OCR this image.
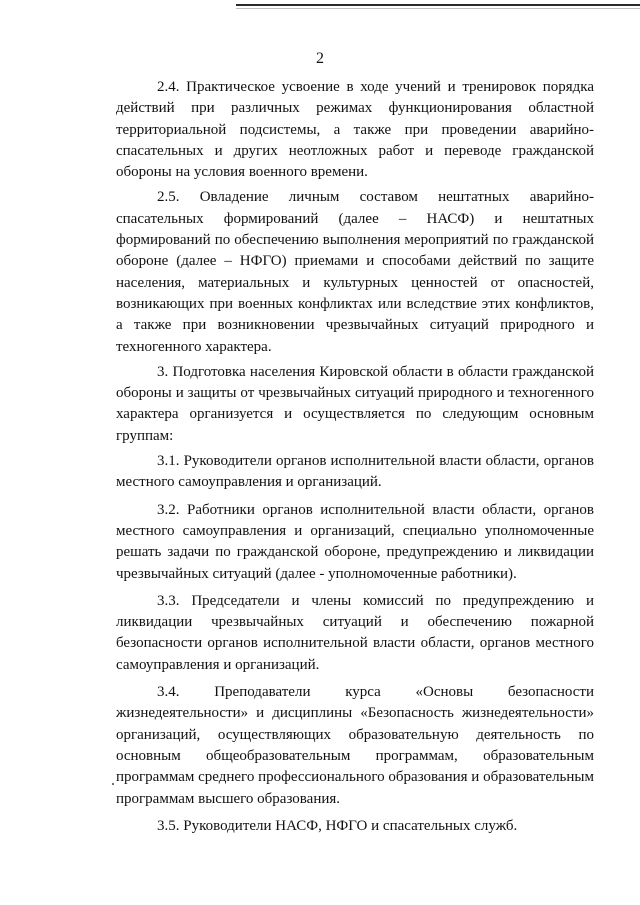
2

2.4. Практическое усвоение в ходе учений и тренировок порядка действий при различных режимах функционирования областной территориальной подсистемы, а также при проведении аварийно-спасательных и других неотложных работ и переводе гражданской обороны на условия военного времени.

2.5. Овладение личным составом нештатных аварийно-спасательных формирований (далее – НАСФ) и нештатных формирований по обеспечению выполнения мероприятий по гражданской обороне (далее – НФГО) приемами и способами действий по защите населения, материальных и культурных ценностей от опасностей, возникающих при военных конфликтах или вследствие этих конфликтов, а также при возникновении чрезвычайных ситуаций природного и техногенного характера.

3. Подготовка населения Кировской области в области гражданской обороны и защиты от чрезвычайных ситуаций природного и техногенного характера организуется и осуществляется по следующим основным группам:

3.1. Руководители органов исполнительной власти области, органов местного самоуправления и организаций.

3.2. Работники органов исполнительной власти области, органов местного самоуправления и организаций, специально уполномоченные решать задачи по гражданской обороне, предупреждению и ликвидации чрезвычайных ситуаций (далее - уполномоченные работники).

3.3. Председатели и члены комиссий по предупреждению и ликвидации чрезвычайных ситуаций и обеспечению пожарной безопасности органов исполнительной власти области, органов местного самоуправления и организаций.

3.4. Преподаватели курса «Основы безопасности жизнедеятельности» и дисциплины «Безопасность жизнедеятельности» организаций, осуществляющих образовательную деятельность по основным общеобразовательным программам, образовательным программам среднего профессионального образования и образовательным программам высшего образования.

3.5. Руководители НАСФ, НФГО и спасательных служб.
